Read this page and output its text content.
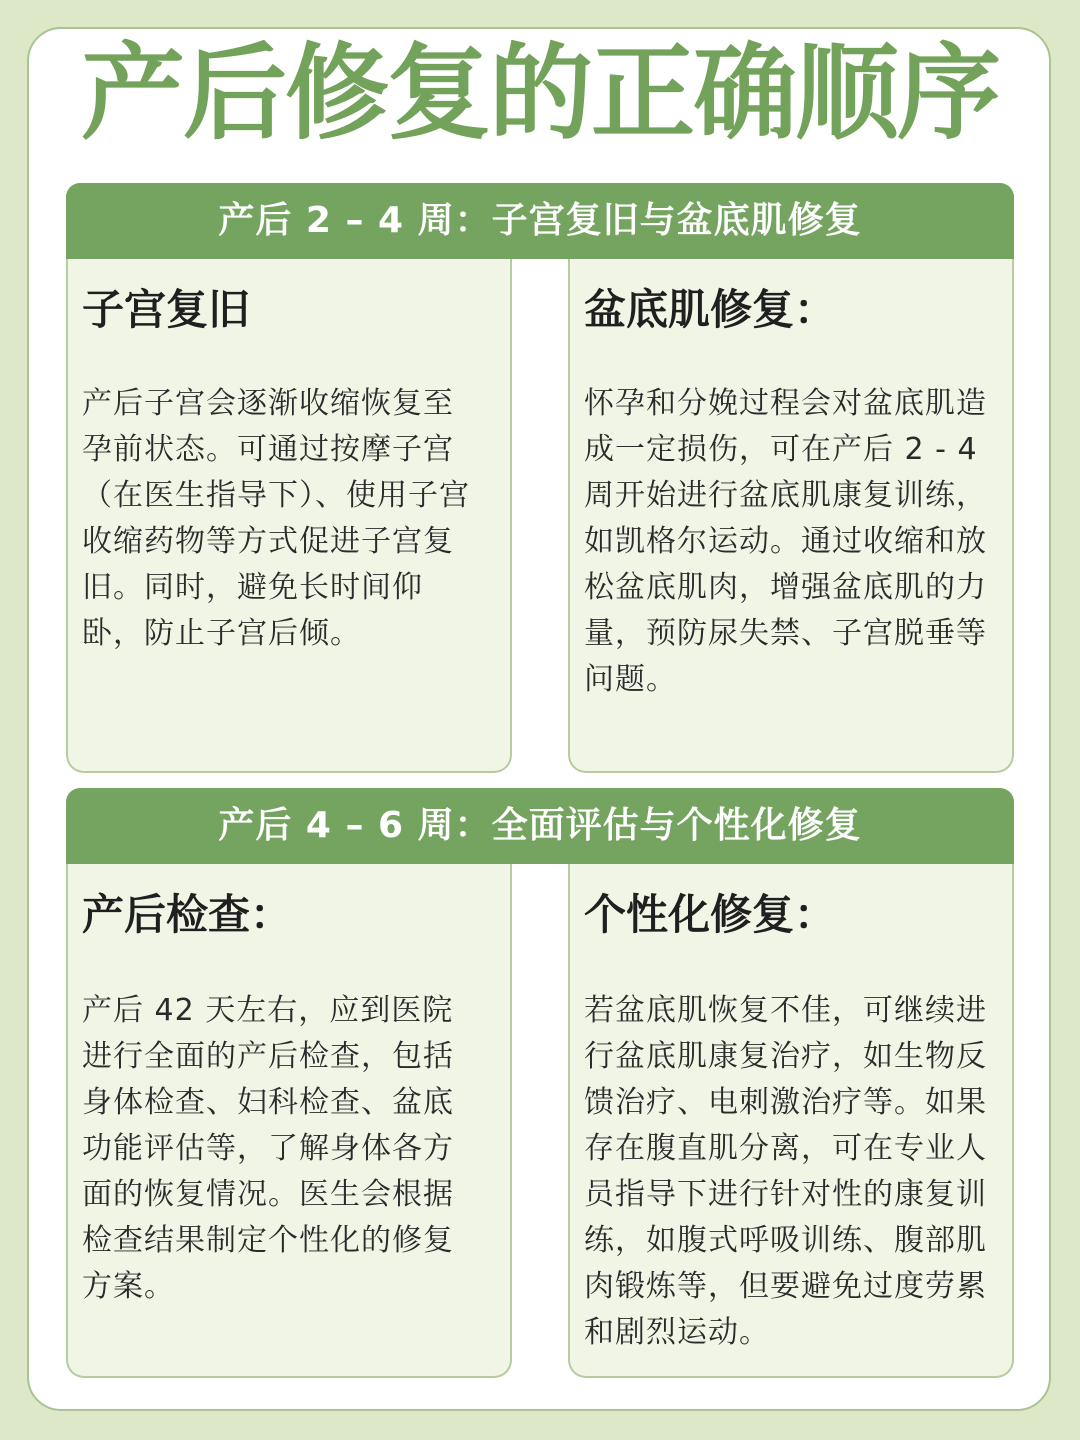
产后修复的正确顺序
产后 2 – 4 周：子宫复旧与盆底肌修复
子宫复旧
产后子宫会逐渐收缩恢复至孕前状态。可通过按摩子宫（在医生指导下）、使用子宫收缩药物等方式促进子宫复旧。同时，避免长时间仰卧，防止子宫后倾。
盆底肌修复：
怀孕和分娩过程会对盆底肌造成一定损伤，可在产后 2 - 4 周开始进行盆底肌康复训练，如凯格尔运动。通过收缩和放松盆底肌肉，增强盆底肌的力量，预防尿失禁、子宫脱垂等问题。
产后 4 – 6 周：全面评估与个性化修复
产后检查：
产后 42 天左右，应到医院进行全面的产后检查，包括身体检查、妇科检查、盆底功能评估等，了解身体各方面的恢复情况。医生会根据检查结果制定个性化的修复方案。
个性化修复：
若盆底肌恢复不佳，可继续进行盆底肌康复治疗，如生物反馈治疗、电刺激治疗等。如果存在腹直肌分离，可在专业人员指导下进行针对性的康复训练，如腹式呼吸训练、腹部肌肉锻炼等，但要避免过度劳累和剧烈运动。
